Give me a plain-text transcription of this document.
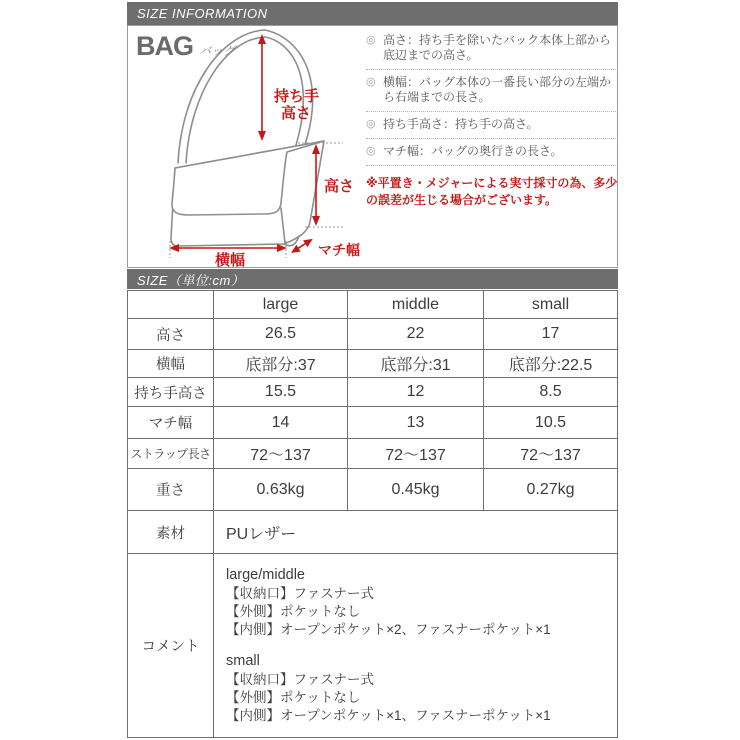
SIZE INFORMATION
BAG バッグ
持ち手
高さ
高さ
横幅
マチ幅
◎ 高さ：持ち手を除いたバック本体上部から底辺までの高さ。
◎ 横幅：バッグ本体の一番長い部分の左端から右端までの長さ。
◎ 持ち手高さ：持ち手の高さ。
◎ マチ幅：バッグの奥行きの長さ。
※平置き・メジャーによる実寸採寸の為、多少の誤差が生じる場合がございます。
SIZE（単位:cm）
	large	middle	small
高さ	26.5	22	17
横幅	底部分:37	底部分:31	底部分:22.5
持ち手高さ	15.5	12	8.5
マチ幅	14	13	10.5
ストラップ長さ	72〜137	72〜137	72〜137
重さ	0.63kg	0.45kg	0.27kg
素材	PUレザー		
コメント	
large/middle
【収納口】ファスナー式
【外側】ポケットなし
【内側】オープンポケット×2、ファスナーポケット×1
small
【収納口】ファスナー式
【外側】ポケットなし
【内側】オープンポケット×1、ファスナーポケット×1
